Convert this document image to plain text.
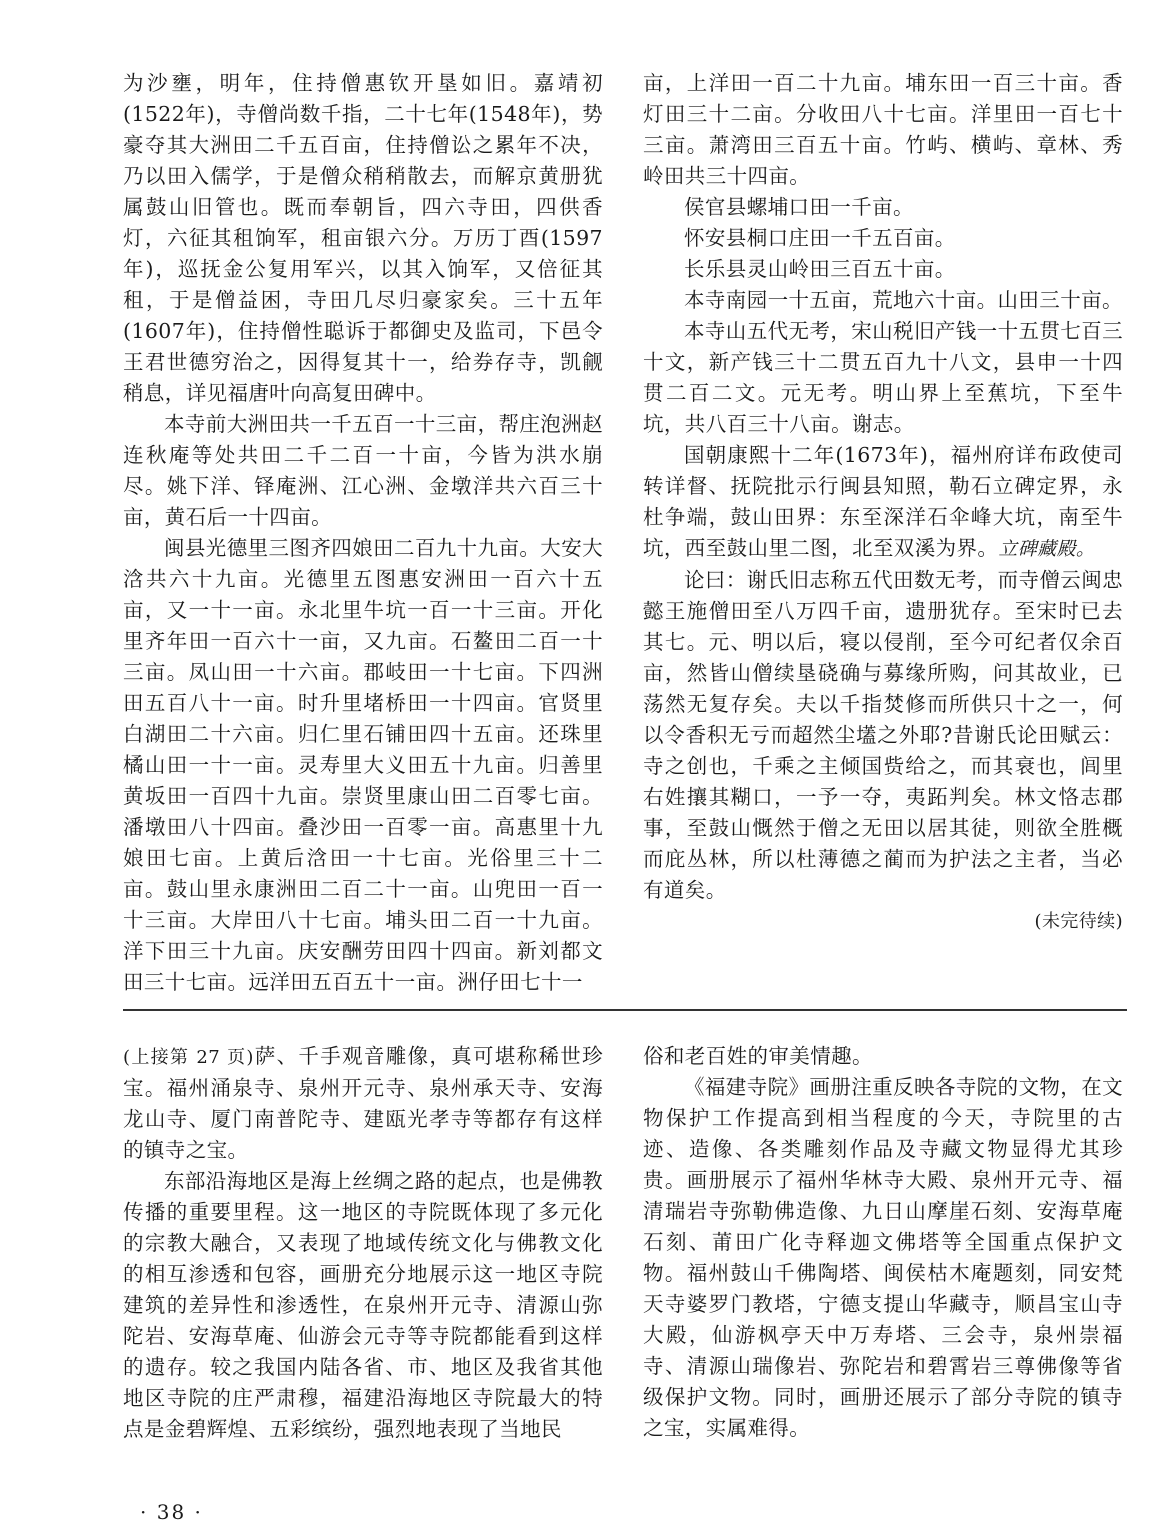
为沙壅，明年，住持僧惠钦开垦如旧。嘉靖初(1522年)，寺僧尚数千指，二十七年(1548年)，势豪夺其大洲田二千五百亩，住持僧讼之累年不决，乃以田入儒学，于是僧众稍稍散去，而解京黄册犹属鼓山旧管也。既而奉朝旨，四六寺田，四供香灯，六征其租饷军，租亩银六分。万历丁酉(1597年)，巡抚金公复用军兴，以其入饷军，又倍征其租，于是僧益困，寺田几尽归豪家矣。三十五年(1607年)，住持僧性聪诉于都御史及监司，下邑令王君世德穷治之，因得复其十一，给券存寺，凯觎稍息，详见福唐叶向高复田碑中。

本寺前大洲田共一千五百一十三亩，帮庄泡洲赵连秋庵等处共田二千二百一十亩，今皆为洪水崩尽。姚下洋、铎庵洲、江心洲、金墩洋共六百三十亩，黄石后一十四亩。

闽县光德里三图齐四娘田二百九十九亩。大安大浛共六十九亩。光德里五图惠安洲田一百六十五亩，又一十一亩。永北里牛坑一百一十三亩。开化里齐年田一百六十一亩，又九亩。石鳌田二百一十三亩。凤山田一十六亩。郡岐田一十七亩。下四洲田五百八十一亩。时升里堵桥田一十四亩。官贤里白湖田二十六亩。归仁里石铺田四十五亩。还珠里橘山田一十一亩。灵寿里大义田五十九亩。归善里黄坂田一百四十九亩。崇贤里康山田二百零七亩。潘墩田八十四亩。叠沙田一百零一亩。高惠里十九娘田七亩。上黄后浛田一十七亩。光俗里三十二亩。鼓山里永康洲田二百二十一亩。山兜田一百一十三亩。大岸田八十七亩。埔头田二百一十九亩。洋下田三十九亩。庆安酬劳田四十四亩。新刘都文田三十七亩。远洋田五百五十一亩。洲仔田七十一

亩，上洋田一百二十九亩。埔东田一百三十亩。香灯田三十二亩。分收田八十七亩。洋里田一百七十三亩。萧湾田三百五十亩。竹屿、横屿、章林、秀岭田共三十四亩。

侯官县螺埔口田一千亩。

怀安县桐口庄田一千五百亩。

长乐县灵山岭田三百五十亩。

本寺南园一十五亩，荒地六十亩。山田三十亩。

本寺山五代无考，宋山税旧产钱一十五贯七百三十文，新产钱三十二贯五百九十八文，县申一十四贯二百二文。元无考。明山界上至蕉坑，下至牛坑，共八百三十八亩。谢志。

国朝康熙十二年(1673年)，福州府详布政使司转详督、抚院批示行闽县知照，勒石立碑定界，永杜争端，鼓山田界：东至深洋石伞峰大坑，南至牛坑，西至鼓山里二图，北至双溪为界。立碑藏殿。

论曰：谢氏旧志称五代田数无考，而寺僧云闽忠懿王施僧田至八万四千亩，遗册犹存。至宋时已去其七。元、明以后，寝以侵削，至今可纪者仅余百亩，然皆山僧续垦硗确与募缘所购，问其故业，已荡然无复存矣。夫以千指焚修而所供只十之一，何以令香积无亏而超然尘壒之外耶?昔谢氏论田赋云：寺之创也，千乘之主倾国赀给之，而其衰也，闾里右姓攘其糊口，一予一夺，夷跖判矣。林文恪志郡事，至鼓山慨然于僧之无田以居其徒，则欲全胜概而庇丛林，所以杜薄德之蔺而为护法之主者，当必有道矣。

(未完待续)

(上接第 27 页)萨、千手观音雕像，真可堪称稀世珍宝。福州涌泉寺、泉州开元寺、泉州承天寺、安海龙山寺、厦门南普陀寺、建瓯光孝寺等都存有这样的镇寺之宝。

东部沿海地区是海上丝绸之路的起点，也是佛教传播的重要里程。这一地区的寺院既体现了多元化的宗教大融合，又表现了地域传统文化与佛教文化的相互渗透和包容，画册充分地展示这一地区寺院建筑的差异性和渗透性，在泉州开元寺、清源山弥陀岩、安海草庵、仙游会元寺等寺院都能看到这样的遗存。较之我国内陆各省、市、地区及我省其他地区寺院的庄严肃穆，福建沿海地区寺院最大的特点是金碧辉煌、五彩缤纷，强烈地表现了当地民

俗和老百姓的审美情趣。

《福建寺院》画册注重反映各寺院的文物，在文物保护工作提高到相当程度的今天，寺院里的古迹、造像、各类雕刻作品及寺藏文物显得尤其珍贵。画册展示了福州华林寺大殿、泉州开元寺、福清瑞岩寺弥勒佛造像、九日山摩崖石刻、安海草庵石刻、莆田广化寺释迦文佛塔等全国重点保护文物。福州鼓山千佛陶塔、闽侯枯木庵题刻，同安梵天寺婆罗门教塔，宁德支提山华藏寺，顺昌宝山寺大殿，仙游枫亭天中万寿塔、三会寺，泉州崇福寺、清源山瑞像岩、弥陀岩和碧霄岩三尊佛像等省级保护文物。同时，画册还展示了部分寺院的镇寺之宝，实属难得。

· 38 ·
